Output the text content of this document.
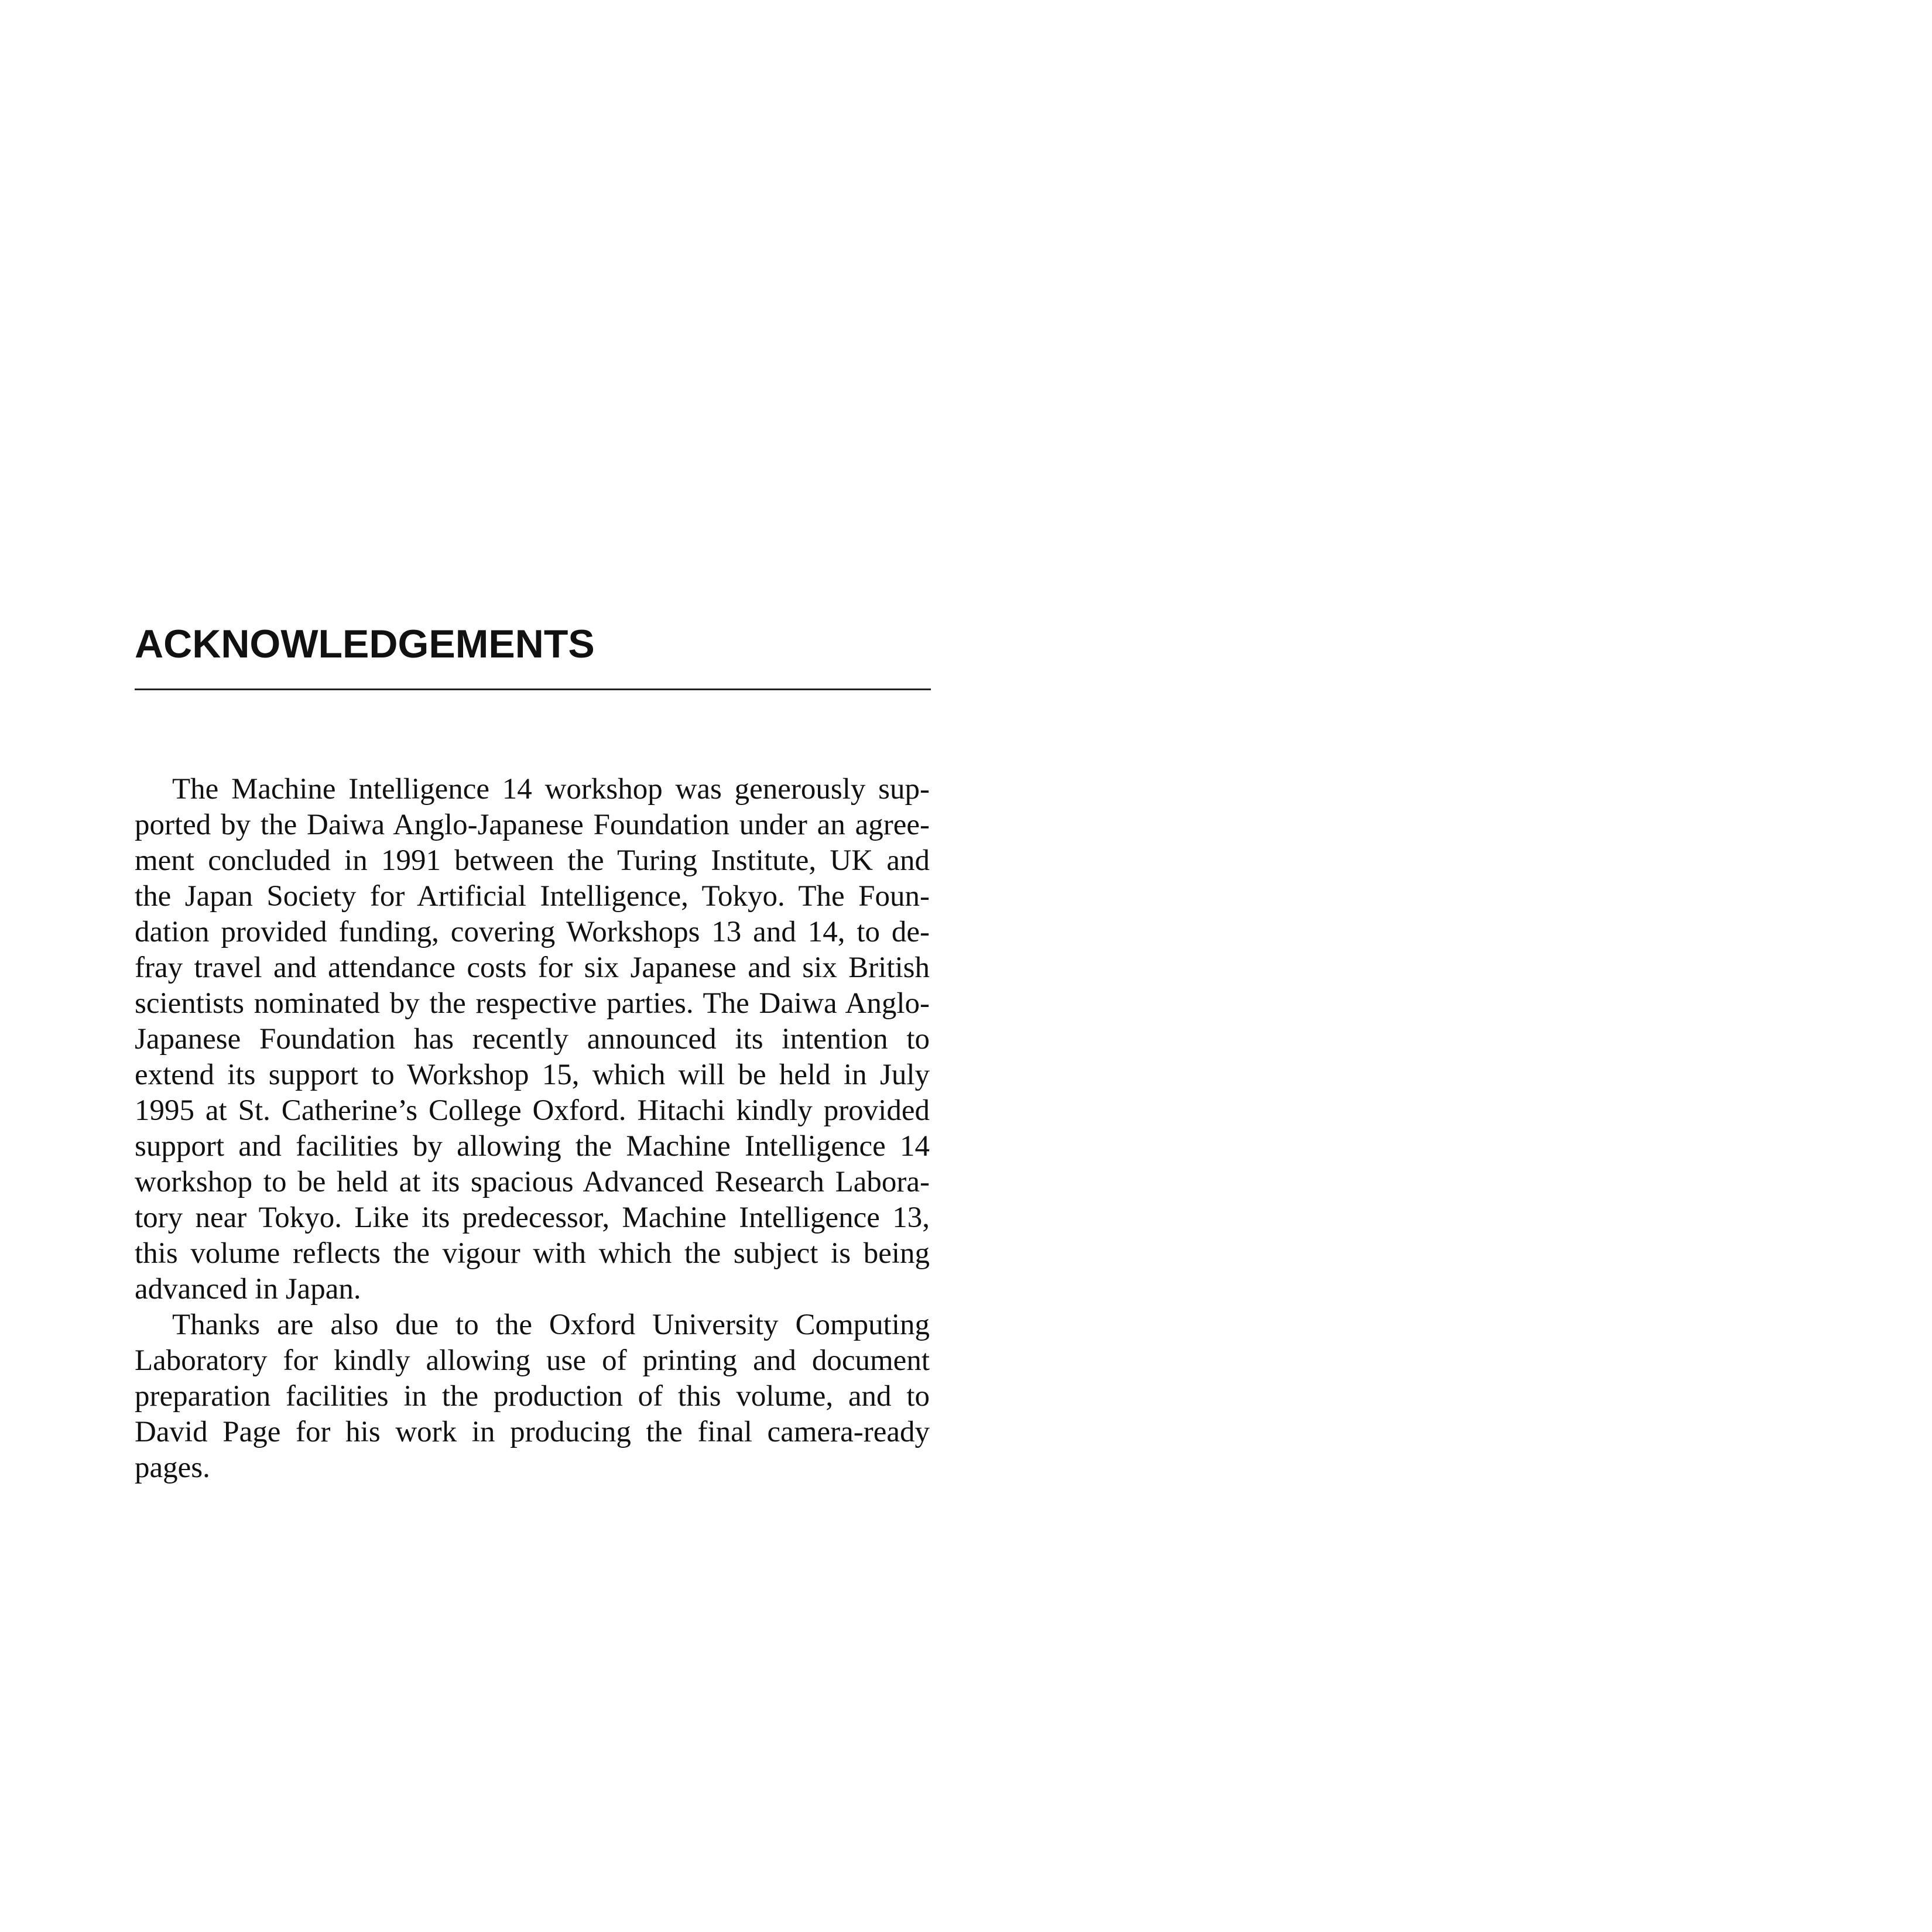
ACKNOWLEDGEMENTS
The Machine Intelligence 14 workshop was generously sup-
ported by the Daiwa Anglo-Japanese Foundation under an agree-
ment concluded in 1991 between the Turing Institute, UK and
the Japan Society for Artificial Intelligence, Tokyo. The Foun-
dation provided funding, covering Workshops 13 and 14, to de-
fray travel and attendance costs for six Japanese and six British
scientists nominated by the respective parties. The Daiwa Anglo-
Japanese Foundation has recently announced its intention to
extend its support to Workshop 15, which will be held in July
1995 at St. Catherine’s College Oxford. Hitachi kindly provided
support and facilities by allowing the Machine Intelligence 14
workshop to be held at its spacious Advanced Research Labora-
tory near Tokyo. Like its predecessor, Machine Intelligence 13,
this volume reflects the vigour with which the subject is being
advanced in Japan.
Thanks are also due to the Oxford University Computing
Laboratory for kindly allowing use of printing and document
preparation facilities in the production of this volume, and to
David Page for his work in producing the final camera-ready
pages.
